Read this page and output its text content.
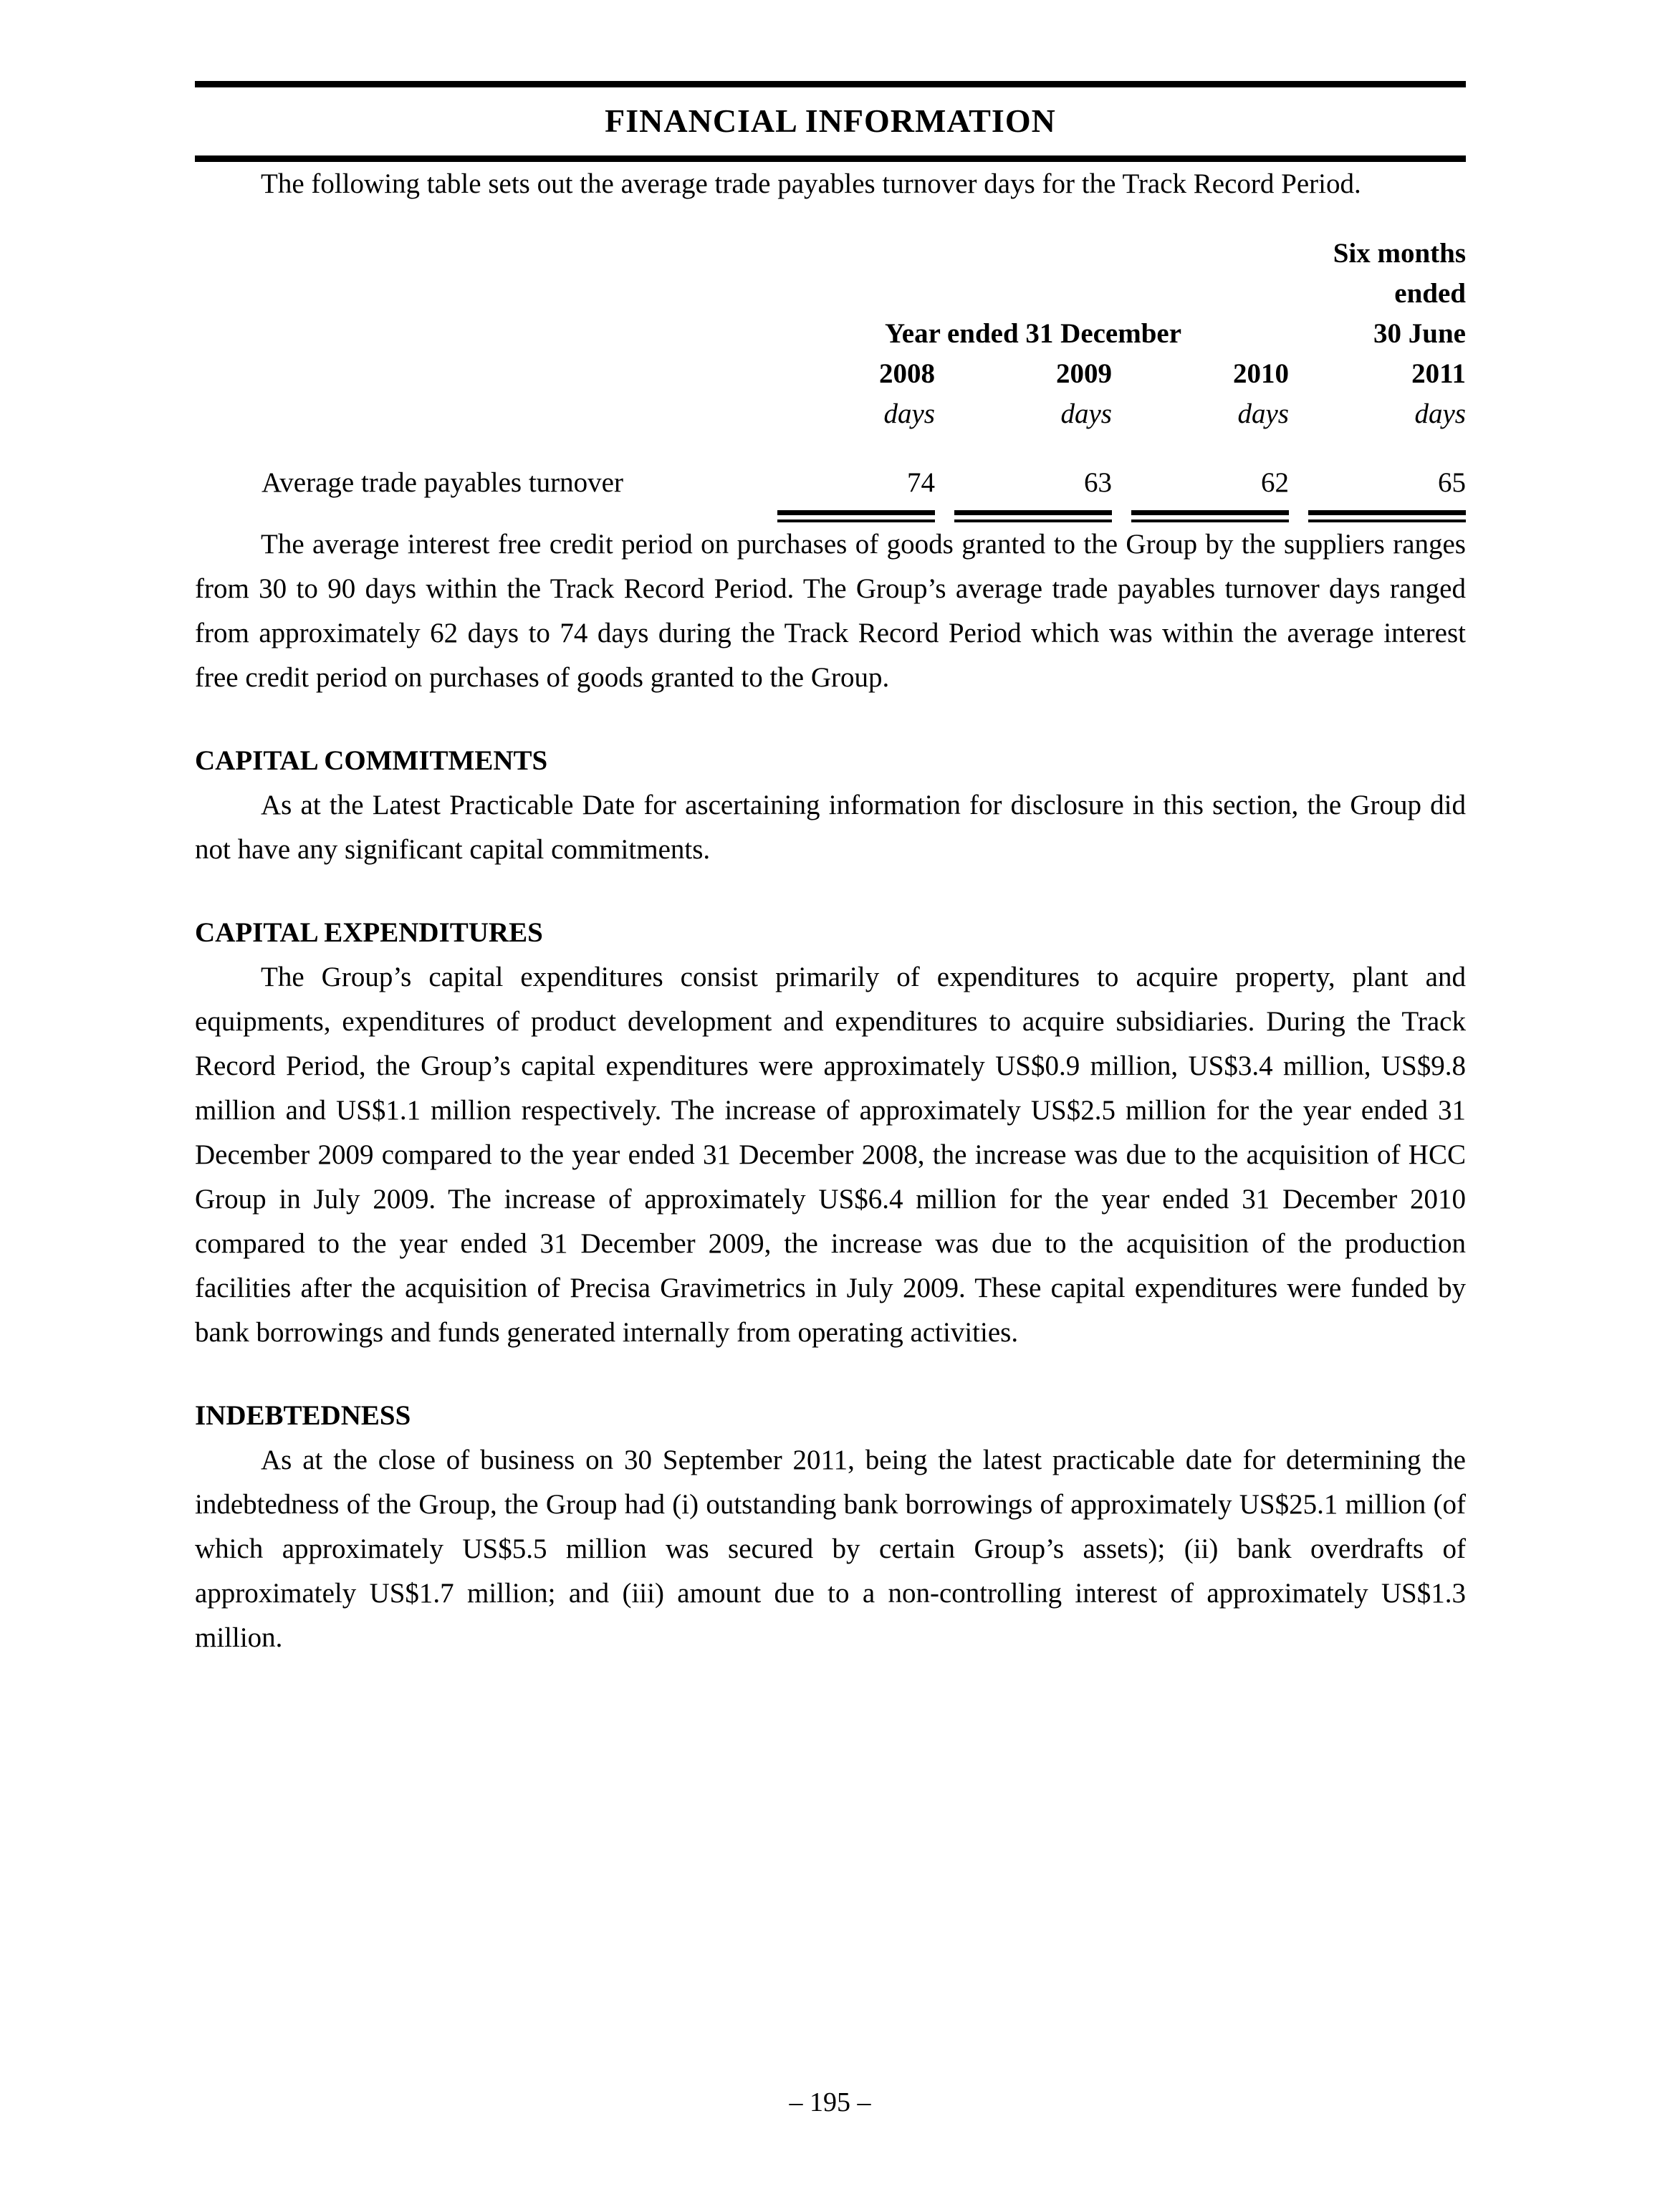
FINANCIAL INFORMATION

The following table sets out the average trade payables turnover days for the Track Record Period.

Six months
ended
Year ended 31 December	30 June
2008	2009	2010	2011
days	days	days	days
Average trade payables turnover	74	63	62	65

The average interest free credit period on purchases of goods granted to the Group by the suppliers ranges from 30 to 90 days within the Track Record Period. The Group’s average trade payables turnover days ranged from approximately 62 days to 74 days during the Track Record Period which was within the average interest free credit period on purchases of goods granted to the Group.

CAPITAL COMMITMENTS

As at the Latest Practicable Date for ascertaining information for disclosure in this section, the Group did not have any significant capital commitments.

CAPITAL EXPENDITURES

The Group’s capital expenditures consist primarily of expenditures to acquire property, plant and equipments, expenditures of product development and expenditures to acquire subsidiaries. During the Track Record Period, the Group’s capital expenditures were approximately US$0.9 million, US$3.4 million, US$9.8 million and US$1.1 million respectively. The increase of approximately US$2.5 million for the year ended 31 December 2009 compared to the year ended 31 December 2008, the increase was due to the acquisition of HCC Group in July 2009. The increase of approximately US$6.4 million for the year ended 31 December 2010 compared to the year ended 31 December 2009, the increase was due to the acquisition of the production facilities after the acquisition of Precisa Gravimetrics in July 2009. These capital expenditures were funded by bank borrowings and funds generated internally from operating activities.

INDEBTEDNESS

As at the close of business on 30 September 2011, being the latest practicable date for determining the indebtedness of the Group, the Group had (i) outstanding bank borrowings of approximately US$25.1 million (of which approximately US$5.5 million was secured by certain Group’s assets); (ii) bank overdrafts of approximately US$1.7 million; and (iii) amount due to a non-controlling interest of approximately US$1.3 million.

– 195 –
